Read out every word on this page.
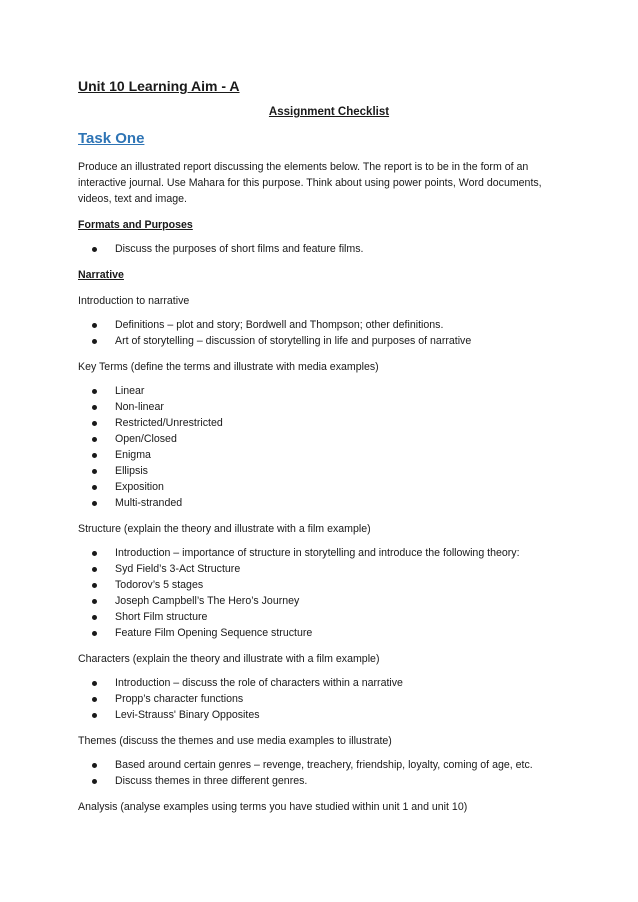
Unit 10 Learning Aim - A
Assignment Checklist
Task One

Produce an illustrated report discussing the elements below. The report is to be in the form of an interactive journal. Use Mahara for this purpose. Think about using power points, Word documents, videos, text and image.

Formats and Purposes
Discuss the purposes of short films and feature films.
Narrative
Introduction to narrative
Definitions – plot and story; Bordwell and Thompson; other definitions.
Art of storytelling – discussion of storytelling in life and purposes of narrative
Key Terms (define the terms and illustrate with media examples)
Linear
Non-linear
Restricted/Unrestricted
Open/Closed
Enigma
Ellipsis
Exposition
Multi-stranded
Structure (explain the theory and illustrate with a film example)
Introduction – importance of structure in storytelling and introduce the following theory:
Syd Field’s 3-Act Structure
Todorov’s 5 stages
Joseph Campbell’s The Hero’s Journey
Short Film structure
Feature Film Opening Sequence structure
Characters (explain the theory and illustrate with a film example)
Introduction – discuss the role of characters within a narrative
Propp’s character functions
Levi-Strauss' Binary Opposites
Themes (discuss the themes and use media examples to illustrate)
Based around certain genres – revenge, treachery, friendship, loyalty, coming of age, etc.
Discuss themes in three different genres.
Analysis (analyse examples using terms you have studied within unit 1 and unit 10)
